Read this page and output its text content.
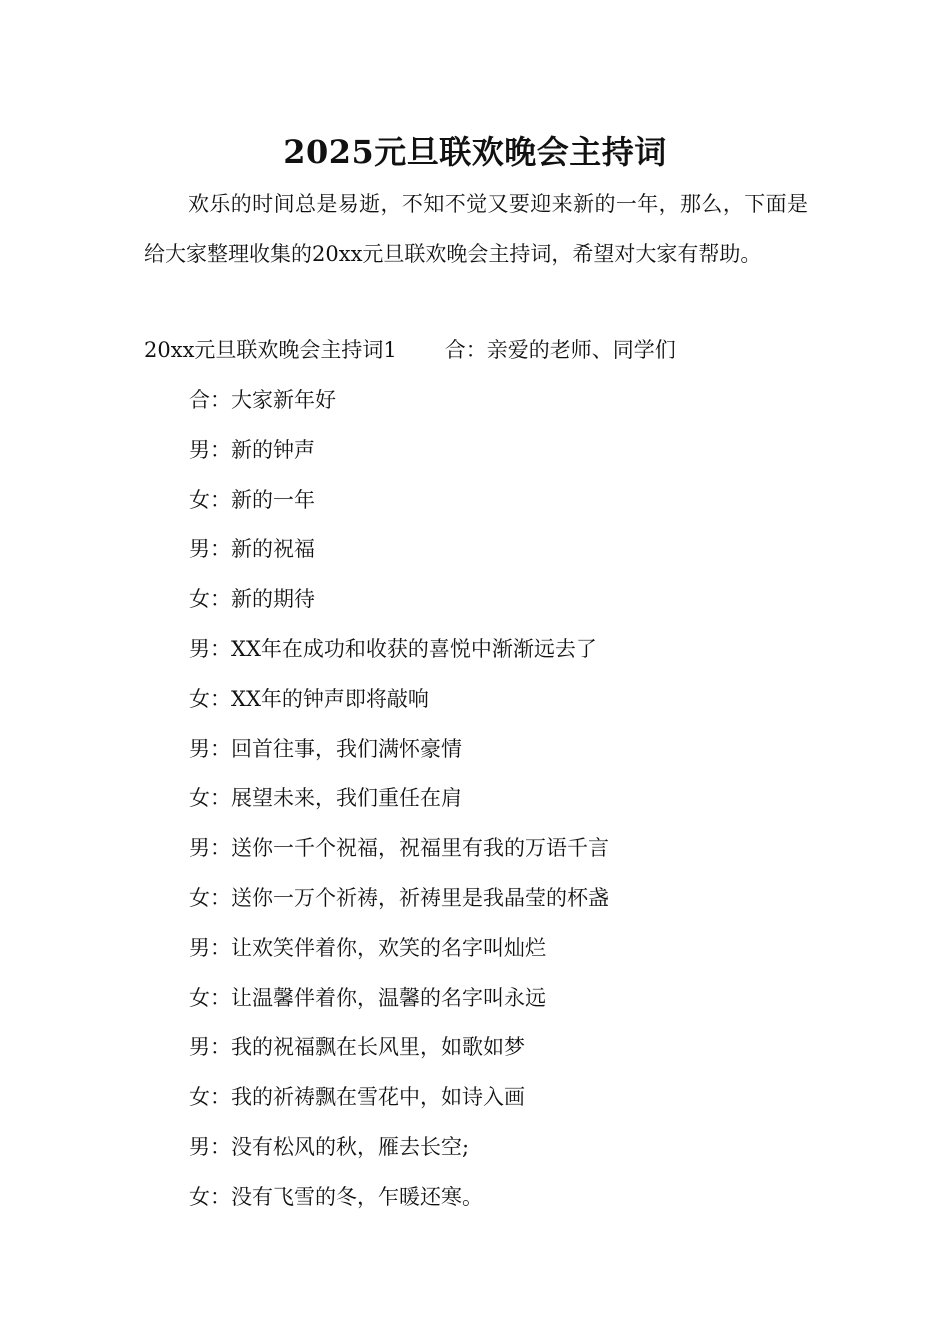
2025元旦联欢晚会主持词

欢乐的时间总是易逝，不知不觉又要迎来新的一年，那么，下面是给大家整理收集的20xx元旦联欢晚会主持词，希望对大家有帮助。

20xx元旦联欢晚会主持词1 合：亲爱的老师、同学们
合：大家新年好
男：新的钟声
女：新的一年
男：新的祝福
女：新的期待
男：XX年在成功和收获的喜悦中渐渐远去了
女：XX年的钟声即将敲响
男：回首往事，我们满怀豪情
女：展望未来，我们重任在肩
男：送你一千个祝福，祝福里有我的万语千言
女：送你一万个祈祷，祈祷里是我晶莹的杯盏
男：让欢笑伴着你，欢笑的名字叫灿烂
女：让温馨伴着你，温馨的名字叫永远
男：我的祝福飘在长风里，如歌如梦
女：我的祈祷飘在雪花中，如诗入画
男：没有松风的秋，雁去长空;
女：没有飞雪的冬，乍暖还寒。
